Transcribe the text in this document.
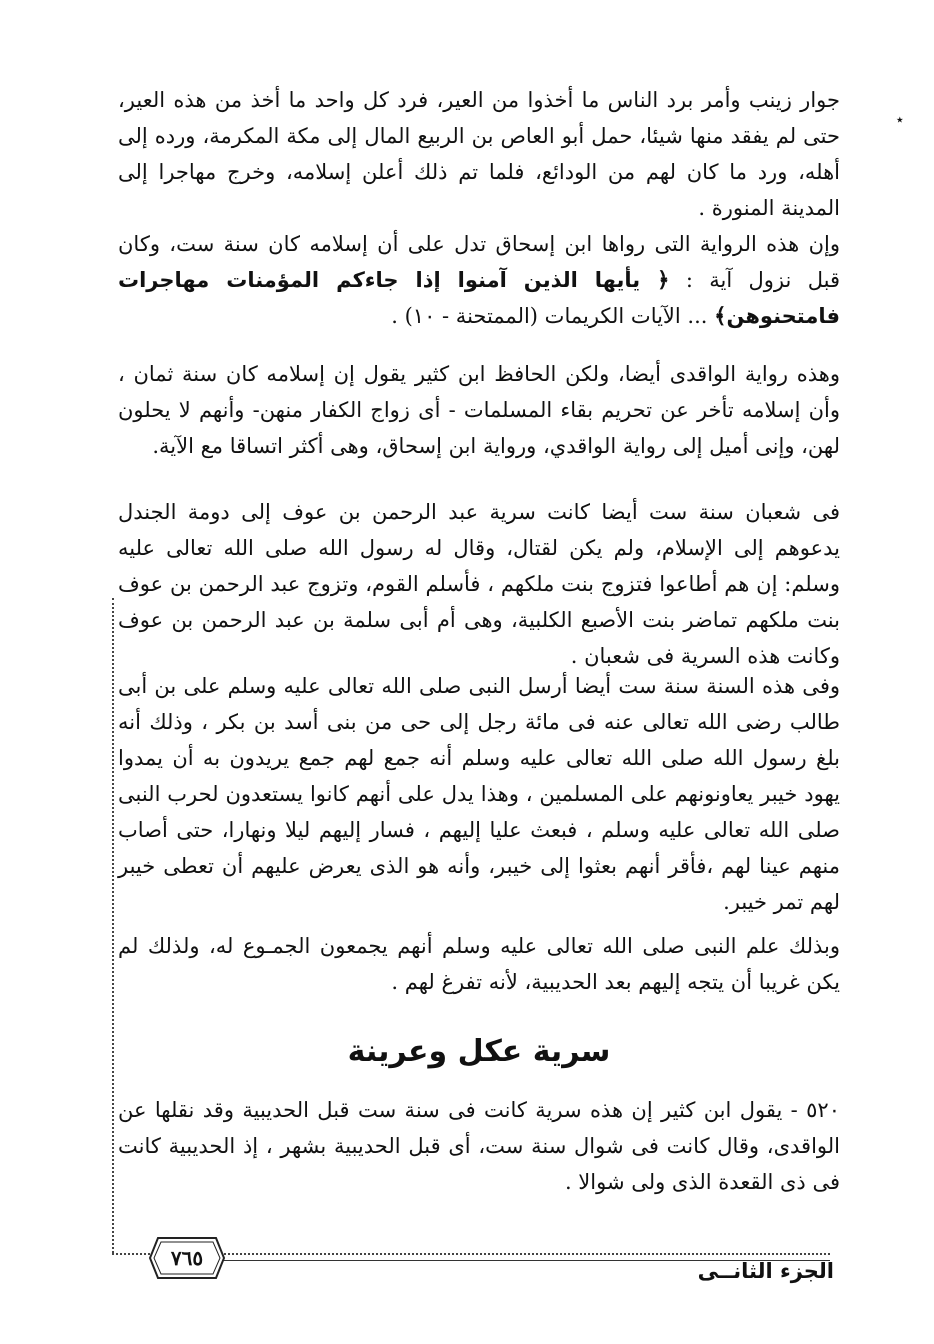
٭

جوار زينب وأمر برد الناس ما أخذوا من العير، فرد كل واحد ما أخذ من هذه العير، حتى لم يفقد منها شيئا، حمل أبو العاص بن الربيع المال إلى مكة المكرمة، ورده إلى أهله، ورد ما كان لهم من الودائع، فلما تم ذلك أعلن إسلامه، وخرج مهاجرا إلى المدينة المنورة .

وإن هذه الرواية التى رواها ابن إسحاق تدل على أن إسلامه كان سنة ست، وكان قبل نزول آية : ﴿ يأيها الذين آمنوا إذا جاءكم المؤمنات مهاجرات فامتحنوهن﴾ ... الآيات الكريمات (الممتحنة - ١٠) .

وهذه رواية الواقدى أيضا، ولكن الحافظ ابن كثير يقول إن إسلامه كان سنة ثمان ، وأن إسلامه تأخر عن تحريم بقاء المسلمات - أى زواج الكفار منهن- وأنهم لا يحلون لهن، وإنى أميل إلى رواية الواقدي، ورواية ابن إسحاق، وهى أكثر اتساقا مع الآية.

فى شعبان سنة ست أيضا كانت سرية عبد الرحمن بن عوف إلى دومة الجندل يدعوهم إلى الإسلام، ولم يكن لقتال، وقال له رسول الله صلى الله تعالى عليه وسلم: إن هم أطاعوا فتزوج بنت ملكهم ، فأسلم القوم، وتزوج عبد الرحمن بن عوف بنت ملكهم تماضر بنت الأصبع الكلبية، وهى أم أبى سلمة بن عبد الرحمن بن عوف وكانت هذه السرية فى شعبان .

وفى هذه السنة سنة ست أيضا أرسل النبى صلى الله تعالى عليه وسلم على بن أبى طالب رضى الله تعالى عنه فى مائة رجل إلى حى من بنى أسد بن بكر ، وذلك أنه بلغ رسول الله صلى الله تعالى عليه وسلم أنه جمع لهم جمع يريدون به أن يمدوا يهود خيبر يعاونونهم على المسلمين ، وهذا يدل على أنهم كانوا يستعدون لحرب النبى صلى الله تعالى عليه وسلم ، فبعث عليا إليهم ، فسار إليهم ليلا ونهارا، حتى أصاب منهم عينا لهم ،فأقر أنهم بعثوا إلى خيبر، وأنه هو الذى يعرض عليهم أن تعطى خيبر لهم تمر خيبر.

وبذلك علم النبى صلى الله تعالى عليه وسلم أنهم يجمعون الجمـوع له، ولذلك لم يكن غريبا أن يتجه إليهم بعد الحديبية، لأنه تفرغ لهم .

سرية عكل وعرينة

٥٢٠ - يقول ابن كثير إن هذه سرية كانت فى سنة ست قبل الحديبية وقد نقلها عن الواقدى، وقال كانت فى شوال سنة ست، أى قبل الحديبية بشهر ، إذ الحديبية كانت فى ذى القعدة الذى ولى شوالا .

٧٦٥
الجزء الثانــى
